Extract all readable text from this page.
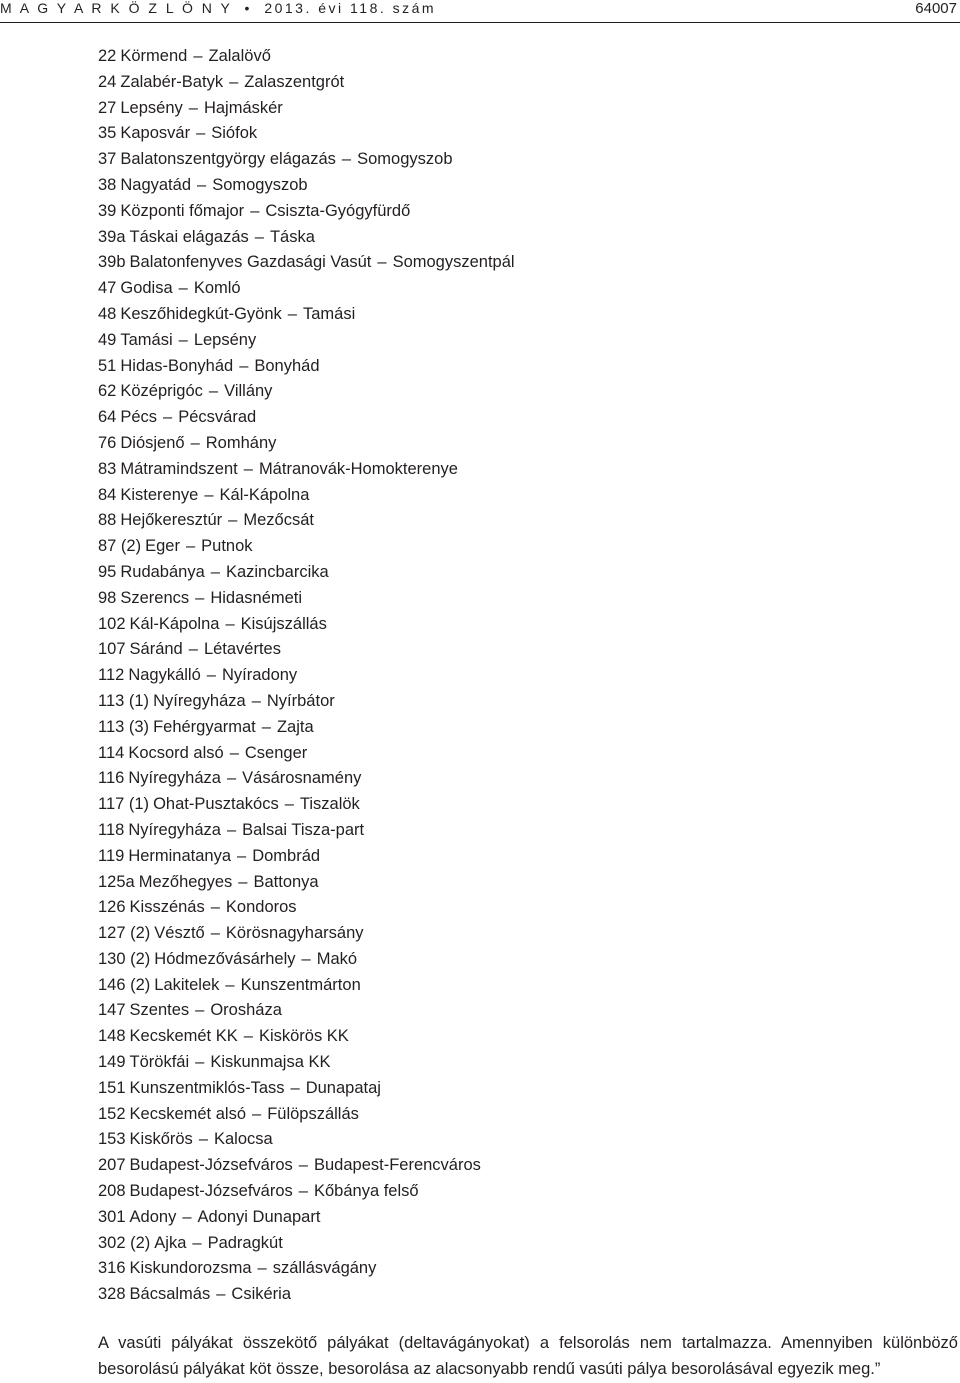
M A G Y A R K Ö Z L Ö N Y • 2013. évi 118. szám	64007
22 Körmend – Zalalövő
24 Zalabér-Batyk – Zalaszentgrót
27 Lepsény – Hajmáskér
35 Kaposvár – Siófok
37 Balatonszentgyörgy elágazás – Somogyszob
38 Nagyatád – Somogyszob
39 Központi főmajor – Csiszta-Gyógyfürdő
39a Táskai elágazás – Táska
39b Balatonfenyves Gazdasági Vasút – Somogyszentpál
47 Godisa – Komló
48 Keszőhidegkút-Gyönk – Tamási
49 Tamási – Lepsény
51 Hidas-Bonyhád – Bonyhád
62 Középrigóc – Villány
64 Pécs – Pécsvárad
76 Diósjenő – Romhány
83 Mátramindszent – Mátranovák-Homokterenye
84 Kisterenye – Kál-Kápolna
88 Hejőkeresztúr – Mezőcsát
87 (2) Eger – Putnok
95 Rudabánya – Kazincbarcika
98 Szerencs – Hidasnémeti
102 Kál-Kápolna – Kisújszállás
107 Sáránd – Létavértes
112 Nagykálló – Nyíradony
113 (1) Nyíregyháza – Nyírbátor
113 (3) Fehérgyarmat – Zajta
114 Kocsord alsó – Csenger
116 Nyíregyháza – Vásárosnamény
117 (1) Ohat-Pusztakócs – Tiszalök
118 Nyíregyháza – Balsai Tisza-part
119 Herminatanya – Dombrád
125a Mezőhegyes – Battonya
126 Kisszénás – Kondoros
127 (2) Vésztő – Körösnagyharsány
130 (2) Hódmezővásárhely – Makó
146 (2) Lakitelek – Kunszentmárton
147 Szentes – Orosháza
148 Kecskemét KK – Kiskörös KK
149 Törökfái – Kiskunmajsa KK
151 Kunszentmiklós-Tass – Dunapataj
152 Kecskemét alsó – Fülöpszállás
153 Kiskőrös – Kalocsa
207 Budapest-Józsefváros – Budapest-Ferencváros
208 Budapest-Józsefváros – Kőbánya felső
301 Adony – Adonyi Dunapart
302 (2) Ajka – Padragkút
316 Kiskundorozsma – szállásvágány
328 Bácsalmás – Csikéria

A vasúti pályákat összekötő pályákat (deltavágányokat) a felsorolás nem tartalmazza. Amennyiben különböző besorolású pályákat köt össze, besorolása az alacsonyabb rendű vasúti pálya besorolásával egyezik meg.”
